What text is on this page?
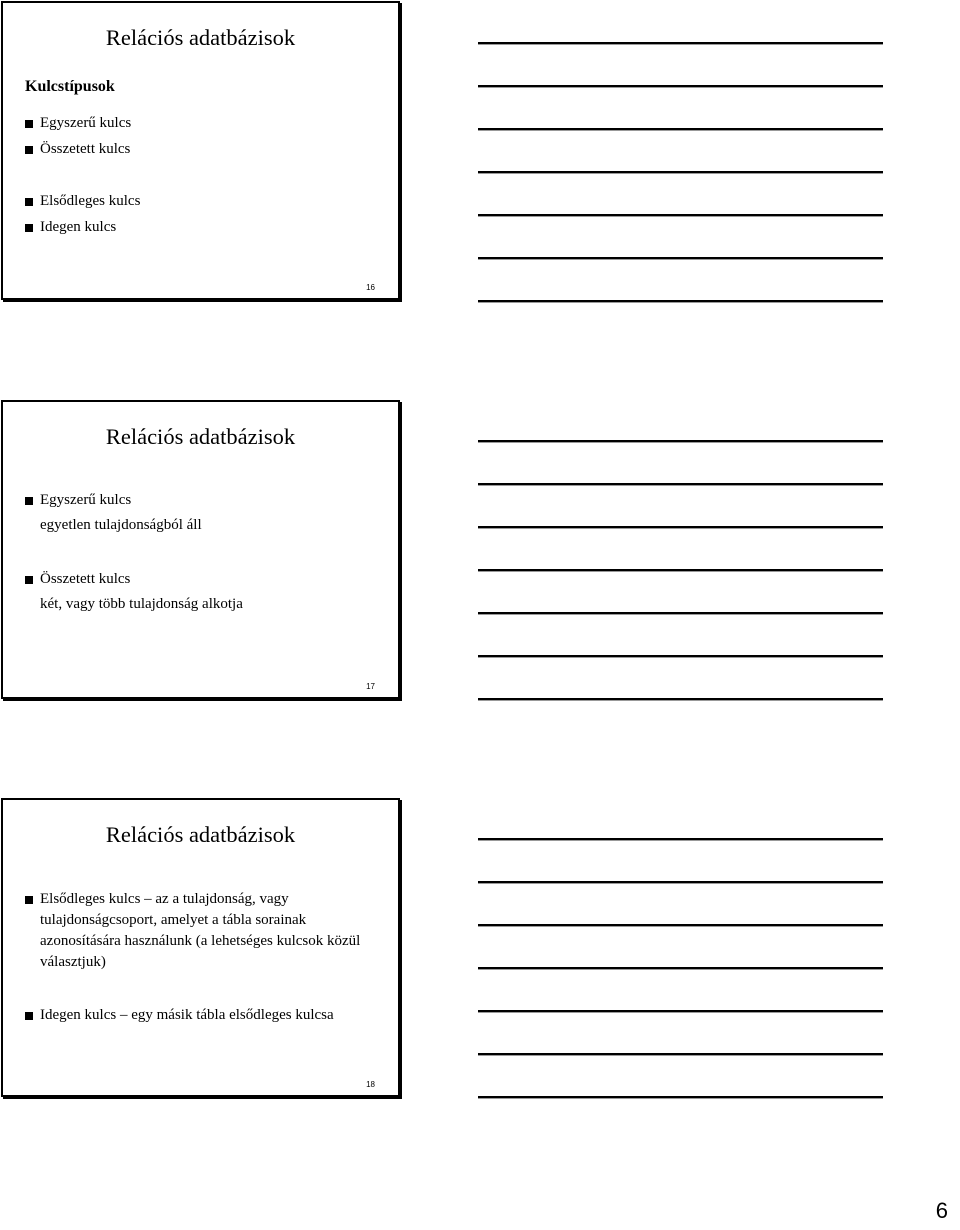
Relációs adatbázisok
Kulcstípusok
Egyszerű kulcs
Összetett kulcs
Elsődleges kulcs
Idegen kulcs
16
Relációs adatbázisok
Egyszerű kulcs
egyetlen tulajdonságból áll
Összetett kulcs
két, vagy több tulajdonság alkotja
17
Relációs adatbázisok
Elsődleges kulcs – az a tulajdonság, vagy tulajdonságcsoport, amelyet a tábla sorainak azonosítására használunk (a lehetséges kulcsok közül választjuk)
Idegen kulcs – egy másik tábla elsődleges kulcsa
18
6
